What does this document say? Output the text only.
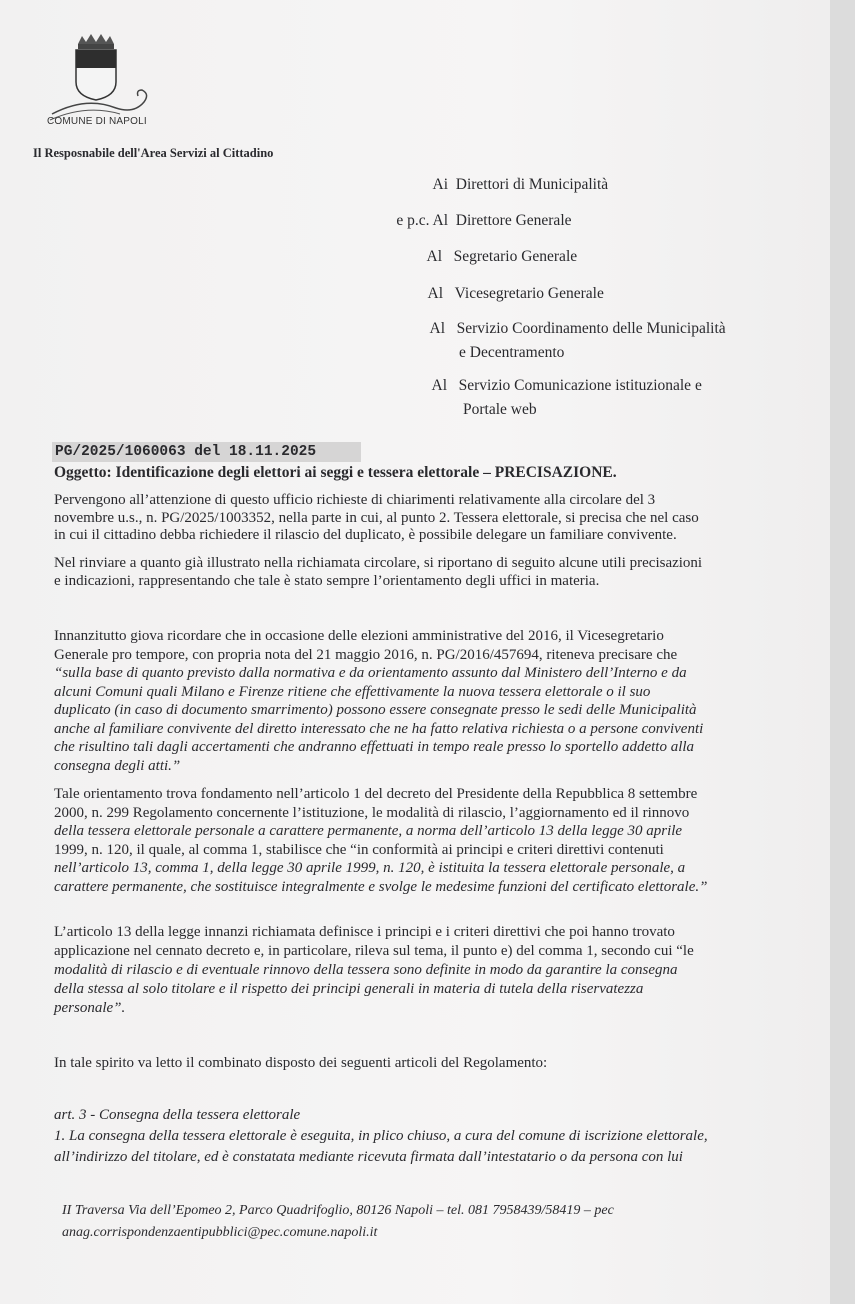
COMUNE DI NAPOLI
Il Resposnabile dell'Area Servizi al Cittadino
Ai Direttori di Municipalità
e p.c. Al Direttore Generale
Al Segretario Generale
Al Vicesegretario Generale
Al Servizio Coordinamento delle Municipalità
e Decentramento
Al Servizio Comunicazione istituzionale e
Portale web
PG/2025/1060063 del 18.11.2025
Oggetto: Identificazione degli elettori ai seggi e tessera elettorale – PRECISAZIONE.
Pervengono all’attenzione di questo ufficio richieste di chiarimenti relativamente alla circolare del 3
novembre u.s., n. PG/2025/1003352, nella parte in cui, al punto 2. Tessera elettorale, si precisa che nel caso
in cui il cittadino debba richiedere il rilascio del duplicato, è possibile delegare un familiare convivente.
Nel rinviare a quanto già illustrato nella richiamata circolare, si riportano di seguito alcune utili precisazioni
e indicazioni, rappresentando che tale è stato sempre l’orientamento degli uffici in materia.
Innanzitutto giova ricordare che in occasione delle elezioni amministrative del 2016, il Vicesegretario
Generale pro tempore, con propria nota del 21 maggio 2016, n. PG/2016/457694, riteneva precisare che
“sulla base di quanto previsto dalla normativa e da orientamento assunto dal Ministero dell’Interno e da
alcuni Comuni quali Milano e Firenze ritiene che effettivamente la nuova tessera elettorale o il suo
duplicato (in caso di documento smarrimento) possono essere consegnate presso le sedi delle Municipalità
anche al familiare convivente del diretto interessato che ne ha fatto relativa richiesta o a persone conviventi
che risultino tali dagli accertamenti che andranno effettuati in tempo reale presso lo sportello addetto alla
consegna degli atti.”
Tale orientamento trova fondamento nell’articolo 1 del decreto del Presidente della Repubblica 8 settembre
2000, n. 299 Regolamento concernente l’istituzione, le modalità di rilascio, l’aggiornamento ed il rinnovo
della tessera elettorale personale a carattere permanente, a norma dell’articolo 13 della legge 30 aprile
1999, n. 120, il quale, al comma 1, stabilisce che “in conformità ai principi e criteri direttivi contenuti
nell’articolo 13, comma 1, della legge 30 aprile 1999, n. 120, è istituita la tessera elettorale personale, a
carattere permanente, che sostituisce integralmente e svolge le medesime funzioni del certificato elettorale.”
L’articolo 13 della legge innanzi richiamata definisce i principi e i criteri direttivi che poi hanno trovato
applicazione nel cennato decreto e, in particolare, rileva sul tema, il punto e) del comma 1, secondo cui “le
modalità di rilascio e di eventuale rinnovo della tessera sono definite in modo da garantire la consegna
della stessa al solo titolare e il rispetto dei principi generali in materia di tutela della riservatezza
personale”.
In tale spirito va letto il combinato disposto dei seguenti articoli del Regolamento:
art. 3 - Consegna della tessera elettorale
1. La consegna della tessera elettorale è eseguita, in plico chiuso, a cura del comune di iscrizione elettorale,
all’indirizzo del titolare, ed è constatata mediante ricevuta firmata dall’intestatario o da persona con lui
II Traversa Via dell’Epomeo 2, Parco Quadrifoglio, 80126 Napoli – tel. 081 7958439/58419 – pec
anag.corrispondenzaentipubblici@pec.comune.napoli.it
